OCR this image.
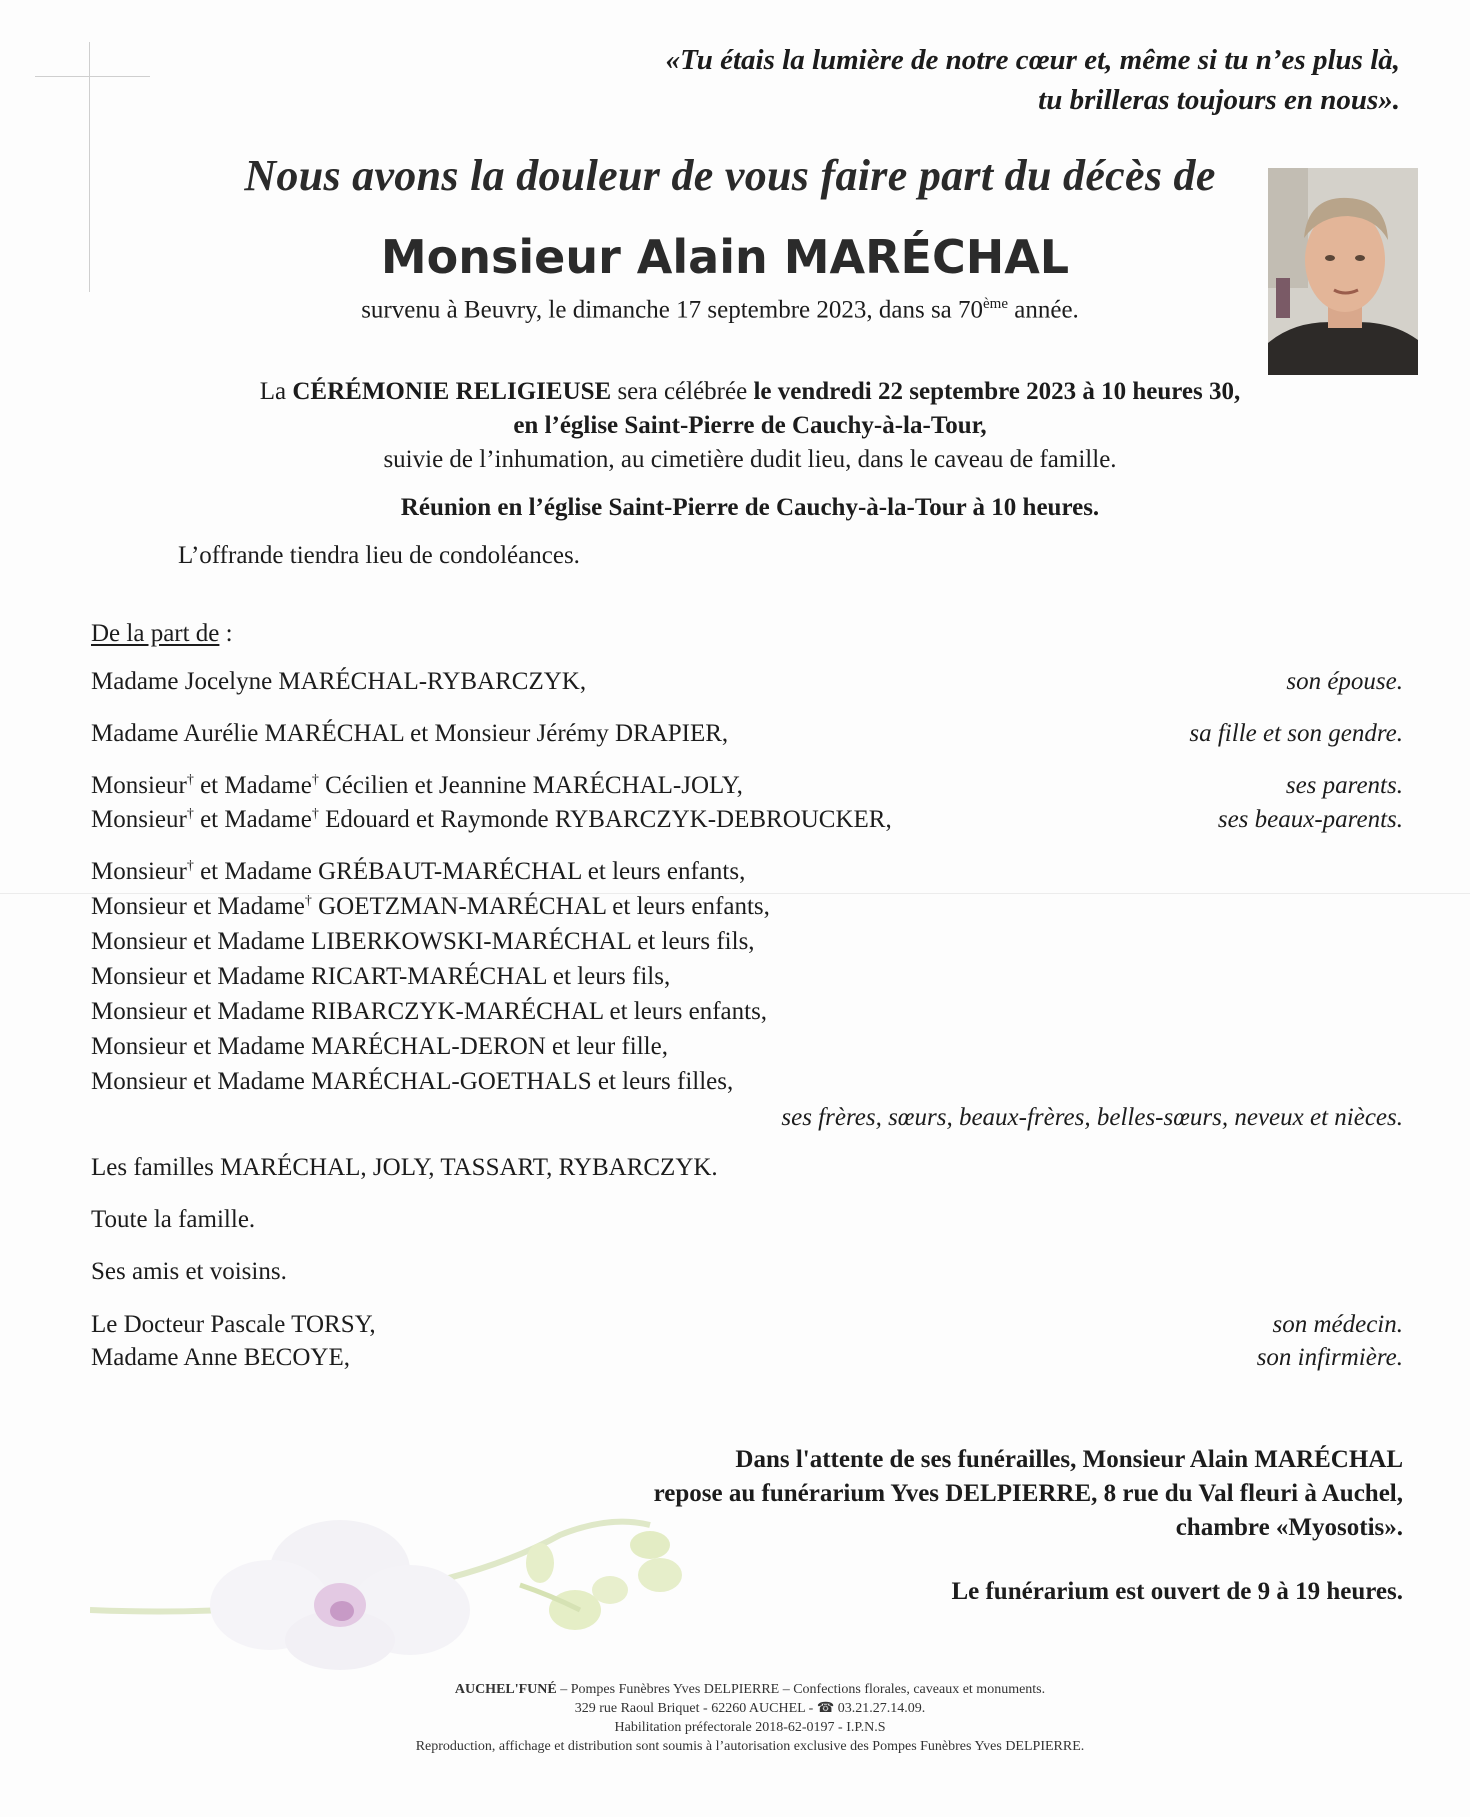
«Tu étais la lumière de notre cœur et, même si tu n’es plus là,
tu brilleras toujours en nous».
Nous avons la douleur de vous faire part du décès de
Monsieur Alain MARÉCHAL
survenu à Beuvry, le dimanche 17 septembre 2023, dans sa 70ème année.
La CÉRÉMONIE RELIGIEUSE sera célébrée le vendredi 22 septembre 2023 à 10 heures 30,
en l’église Saint-Pierre de Cauchy-à-la-Tour,
suivie de l’inhumation, au cimetière dudit lieu, dans le caveau de famille.
Réunion en l’église Saint-Pierre de Cauchy-à-la-Tour à 10 heures.
L’offrande tiendra lieu de condoléances.
De la part de :
Madame Jocelyne MARÉCHAL-RYBARCZYK,	son épouse.
Madame Aurélie MARÉCHAL et Monsieur Jérémy DRAPIER,	sa fille et son gendre.
Monsieur† et Madame† Cécilien et Jeannine MARÉCHAL-JOLY,	ses parents.
Monsieur† et Madame† Edouard et Raymonde RYBARCZYK-DEBROUCKER,	ses beaux-parents.
Monsieur† et Madame GRÉBAUT-MARÉCHAL et leurs enfants,
Monsieur et Madame† GOETZMAN-MARÉCHAL et leurs enfants,
Monsieur et Madame LIBERKOWSKI-MARÉCHAL et leurs fils,
Monsieur et Madame RICART-MARÉCHAL et leurs fils,
Monsieur et Madame RIBARCZYK-MARÉCHAL et leurs enfants,
Monsieur et Madame MARÉCHAL-DERON et leur fille,
Monsieur et Madame MARÉCHAL-GOETHALS et leurs filles,
ses frères, sœurs, beaux-frères, belles-sœurs, neveux et nièces.
Les familles MARÉCHAL, JOLY, TASSART, RYBARCZYK.
Toute la famille.
Ses amis et voisins.
Le Docteur Pascale TORSY,	son médecin.
Madame Anne BECOYE,	son infirmière.
Dans l'attente de ses funérailles, Monsieur Alain MARÉCHAL
repose au funérarium Yves DELPIERRE, 8 rue du Val fleuri à Auchel,
chambre «Myosotis».
Le funérarium est ouvert de 9 à 19 heures.
AUCHEL'FUNÉ – Pompes Funèbres Yves DELPIERRE – Confections florales, caveaux et monuments.
329 rue Raoul Briquet - 62260 AUCHEL - ☎ 03.21.27.14.09.
Habilitation préfectorale 2018-62-0197 - I.P.N.S
Reproduction, affichage et distribution sont soumis à l’autorisation exclusive des Pompes Funèbres Yves DELPIERRE.
